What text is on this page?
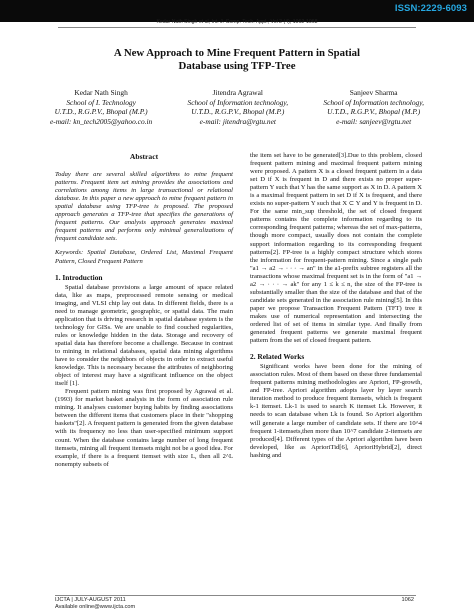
ISSN:2229-6093
Kedar Nath Singh et al, Int. J. Comp. Tech. Appl., Vol 2 (4), 1062-1068
A New Approach to Mine Frequent Pattern in Spatial
Database using TFP-Tree
Kedar Nath Singh
School of I. Technology
U.T.D., R.G.P.V., Bhopal (M.P.)
e-mail: kn_tech2005@yahoo.co.in
Jitendra Agrawal
School of Information technology,
U.T.D., R.G.P.V., Bhopal (M.P.)
e-mail: jitendra@rgtu.net
Sanjeev Sharma
School of Information technology,
U.T.D., R.G.P.V., Bhopal (M.P.)
e-mail: sanjeev@rgtu.net
Abstract
Today there are several skilled algorithms to mine frequent patterns. Frequent item set mining provides the associations and correlations among items in large transactional or relational database. In this paper a new approach to mine frequent pattern in spatial database using TFP-tree is proposed. The proposed approach generates a TFP-tree that specifies the generations of frequent patterns. Our analysis approach generates maximal frequent patterns and performs only minimal generalizations of frequent candidate sets.
Keywords: Spatial Database, Ordered List, Maximal Frequent Pattern, Closed Frequent Pattern
1. Introduction

Spatial database provisions a large amount of space related data, like as maps, preprocessed remote sensing or medical imaging, and VLSI chip lay out data. In different fields, there is a need to manage geometric, geographic, or spatial data. The main application that is driving research in spatial database system is the technology for GISs. We are unable to find couched regularities, rules or knowledge hidden in the data. Storage and recovery of spatial data has therefore become a challenge. Because in contrast to mining in relational databases, spatial data mining algorithms have to consider the neighbors of objects in order to extract useful knowledge. This is necessary because the attributes of neighboring object of interest may have a significant influence on the object itself [1].

Frequent pattern mining was first proposed by Agrawal et al. (1993) for market basket analysis in the form of association rule mining. It analyses customer buying habits by finding associations between the different items that customers place in their "shopping baskets"[2]. A frequent pattern is generated from the given database with its frequency no less than user-specified minimum support count. When the database contains large number of long frequent itemsets, mining all frequent itemsets might not be a good idea. For example, if there is a frequent itemset with size L, then all 2^L nonempty subsets of

the item set have to be generated[3].Due to this problem, closed frequent pattern mining and maximal frequent pattern mining were proposed. A pattern X is a closed frequent pattern in a data set D if X is frequent in D and there exists no proper super-pattern Y such that Y has the same support as X in D. A pattern X is a maximal frequent pattern in set D if X is frequent, and there exists no super-pattern Y such that X ⊂ Y and Y is frequent in D. For the same min_sup threshold, the set of closed frequent patterns contains the complete information regarding to its corresponding frequent patterns; whereas the set of max-patterns, though more compact, usually does not contain the complete support information regarding to its corresponding frequent patterns[2]. FP-tree is a highly compact structure which stores the information for frequent-pattern mining. Since a single path "a1 → a2 → · · · → an" in the a1-prefix subtree registers all the transactions whose maximal frequent set is in the form of "a1 → a2 → · · · → ak" for any 1 ≤ k ≤ n, the size of the FP-tree is substantially smaller than the size of the database and that of the candidate sets generated in the association rule mining[5]. In this paper we propose Transaction Frequent Pattern (TFT) tree it makes use of numerical representation and intersecting the ordered list of set of items in similar type. And finally from generated frequent patterns we generate maximal frequent pattern from the set of closed frequent pattern.

2. Related Works

Significant works have been done for the mining of association rules. Most of them based on these three fundamental frequent patterns mining methodologies are Apriori, FP-growth, and FP-tree. Apriori algorithm adopts layer by layer search iteration method to produce frequent itemsets, which is frequent k-1 itemset. Lk-1 is used to search K itemset Lk. However, it needs to scan database when Lk is found. So Apriori algorithm will generate a large number of candidate sets. If there are 10^4 frequent 1-itemsets,then more than 10^7 candidate 2-itemsets are produced[4]. Different types of the Apriori algorithm have been developed, like as AprioriTid[6], AprioriHybrid[2], direct hashing and

IJCTA | JULY-AUGUST 2011
Available online@www.ijcta.com
1062
